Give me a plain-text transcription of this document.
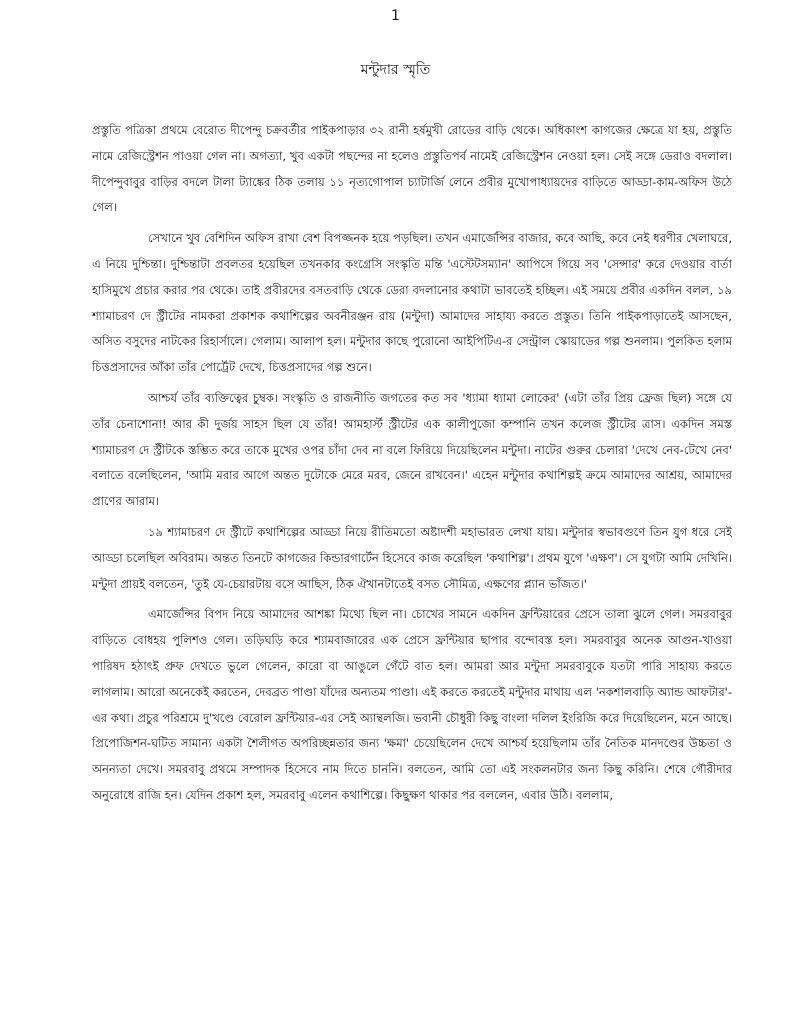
1
মন্টুদার স্মৃতি

প্রস্তুতি পত্রিকা প্রথমে বেরোত দীপেন্দু চক্রবর্তীর পাইকপাড়ার ৩২ রানী হর্ষমুখী রোডের বাড়ি থেকে। অধিকাংশ কাগজের ক্ষেত্রে যা হয়, প্রস্তুতি নামে রেজিস্ট্রেশন পাওয়া গেল না। অগত্যা, খুব একটা পছন্দের না হলেও প্রস্তুতিপর্ব নামেই রেজিস্ট্রেশন নেওয়া হল। সেই সঙ্গে ডেরাও বদলাল। দীপেন্দুবাবুর বাড়ির বদলে টালা ট্যাঙ্কের ঠিক তলায় ১১ নৃত্যগোপাল চ্যাটার্জি লেনে প্রবীর মুখোপাধ্যায়দের বাড়িতে আড্ডা-কাম-অফিস উঠে গেল।

সেখানে খুব বেশিদিন অফিস রাখা বেশ বিপজ্জনক হয়ে পড়ছিল। তখন এমার্জেন্সির বাজার, কবে আছি, কবে নেই ধরণীর খেলাঘরে, এ নিয়ে দুশ্চিন্তা। দুশ্চিন্তাটা প্রবলতর হয়েছিল তখনকার কংগ্রেসি সংস্কৃতি মন্তি 'এস্টেটসম্যান' আপিসে গিয়ে সব 'সেন্সার' করে দেওয়ার বার্তা হাসিমুখে প্রচার করার পর থেকে। তাই প্রবীরদের বসতবাড়ি থেকে ডেরা বদলানোর কথাটা ভাবতেই হচ্ছিল। এই সময়ে প্রবীর একদিন বলল, ১৯ শ্যামাচরণ দে স্ট্রীটের নামকরা প্রকাশক কথাশিল্পের অবনীরঞ্জন রায় (মন্টুদা) আমাদের সাহায্য করতে প্রস্তুত। তিনি পাইকপাড়াতেই আসছেন, অসিত বসুদের নাটকের রিহার্সালে। গেলাম। আলাপ হল। মন্টুদার কাছে পুরোনো আইপিটিএ-র সেন্ট্রাল স্কোয়াডের গল্প শুনলাম। পুলকিত হলাম চিত্তপ্রসাদের আঁকা তাঁর পোর্ট্রেট দেখে, চিত্তপ্রসাদের গল্প শুনে।

আশ্চর্য তাঁর ব্যক্তিত্বের চুম্বক। সংস্কৃতি ও রাজনীতি জগতের কত সব 'ধ্যামা ধ্যামা লোকের' (এটা তাঁর প্রিয় ফ্রেজ ছিল) সঙ্গে যে তাঁর চেনাশোনা! আর কী দুর্জয় সাহস ছিল যে তাঁর! আমহার্স্ট স্ট্রীটের এক কালীপুজো কম্পানি তখন কলেজ স্ট্রীটের ত্রাস। একদিন সমস্ত শ্যামাচরণ দে স্ট্রীটকে স্তম্ভিত করে তাকে মুখের ওপর চাঁদা দেব না বলে ফিরিয়ে দিয়েছিলেন মন্টুদা। নাটের গুরুর চেলারা 'দেখে নেব-টেখে নেব' বলাতে বলেছিলেন, 'আমি মরার আগে অন্তত দুটোকে মেরে মরব, জেনে রাখবেন।' এহেন মন্টুদার কথাশিল্পই ক্রমে আমাদের আশ্রয়, আমাদের প্রাণের আরাম।

১৯ শ্যামাচরণ দে স্ট্রীটে কথাশিল্পের আড্ডা নিয়ে রীতিমতো অষ্টাদশী মহাভারত লেখা যায়। মন্টুদার স্বভাবগুণে তিন যুগ ধরে সেই আড্ডা চলেছিল অবিরাম। অন্তত তিনটে কাগজের কিন্ডারগার্টেন হিসেবে কাজ করেছিল 'কথাশিল্প'। প্রথম যুগে 'এক্ষণ'। সে যুগটা আমি দেখিনি। মন্টুদা প্রায়ই বলতেন, 'তুই যে-চেয়ারটায় বসে আছিস, ঠিক ঐখানটাতেই বসত সৌমিত্র, এক্ষণের প্ল্যান ভাঁজত।'

এমার্জেন্সির বিপদ নিয়ে আমাদের আশঙ্কা মিথ্যে ছিল না। চোখের সামনে একদিন ফ্রন্টিয়ারের প্রেসে তালা ঝুলে গেল। সমরবাবুর বাড়িতে বোধহয় পুলিশও গেল। তড়িঘড়ি করে শ্যামবাজারের এক প্রেসে ফ্রন্টিয়ার ছাপার বন্দোবস্ত হল। সমরবাবুর অনেক আগুন-খাওয়া পারিষদ হঠাৎই প্রুফ দেখতে ভুলে গেলেন, কারো বা আঙুলে গেঁটে বাত হল। আমরা আর মন্টুদা সমরবাবুকে যতটা পারি সাহায্য করতে লাগলাম। আরো অনেকেই করতেন, দেবব্রত পাণ্ডা যাঁদের অন্যতম পাণ্ডা। এই করতে করতেই মন্টুদার মাথায় এল 'নকশালবাড়ি অ্যান্ড আফটার'-এর কথা। প্রচুর পরিশ্রমে দু'খণ্ডে বেরোল ফ্রন্টিয়ার-এর সেই অ্যান্থলজি। ভবানী চৌধুরী কিছু বাংলা দলিল ইংরিজি করে দিয়েছিলেন, মনে আছে। প্রিপোজিশন-ঘটিত সামান্য একটা শৈলীগত অপরিচ্ছন্নতার জন্য 'ক্ষমা' চেয়েছিলেন দেখে আশ্চর্য হয়েছিলাম তাঁর নৈতিক মানদণ্ডের উচ্চতা ও অনন্যতা দেখে। সমরবাবু প্রথমে সম্পাদক হিসেবে নাম দিতে চাননি। বলতেন, আমি তো এই সংকলনটার জন্য কিছু করিনি। শেষে গৌরীদার অনুরোধে রাজি হন। যেদিন প্রকাশ হল, সমরবাবু এলেন কথাশিল্পে। কিছুক্ষণ থাকার পর বললেন, এবার উঠি। বললাম,
